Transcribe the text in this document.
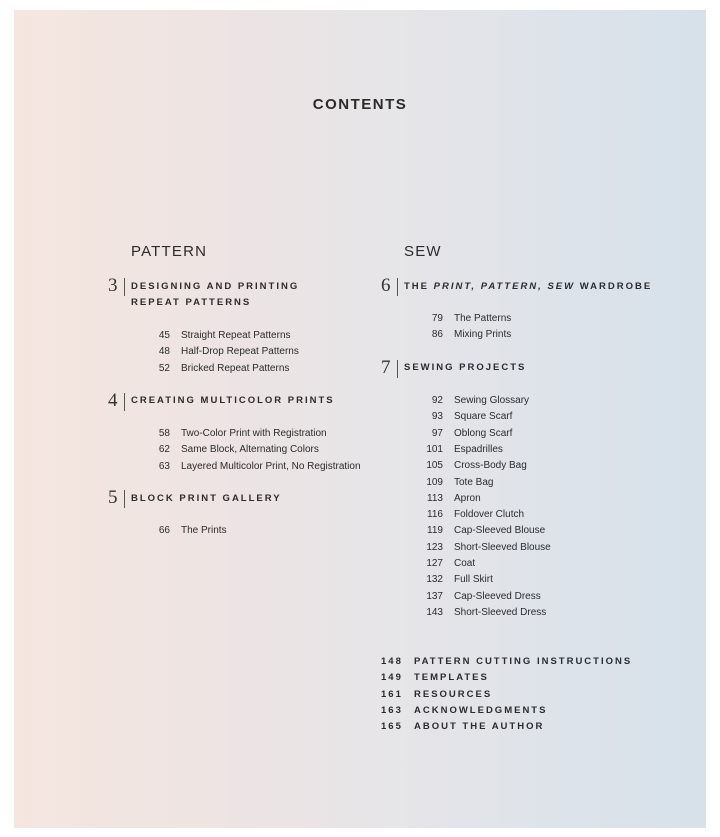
CONTENTS
PATTERN	SEW
3 DESIGNING AND PRINTING
REPEAT PATTERNS
45 Straight Repeat Patterns
48 Half-Drop Repeat Patterns
52 Bricked Repeat Patterns
4 CREATING MULTICOLOR PRINTS
58 Two-Color Print with Registration
62 Same Block, Alternating Colors
63 Layered Multicolor Print, No Registration
5 BLOCK PRINT GALLERY
66 The Prints
6 THE PRINT, PATTERN, SEW WARDROBE
79 The Patterns
86 Mixing Prints
7 SEWING PROJECTS
92 Sewing Glossary
93 Square Scarf
97 Oblong Scarf
101 Espadrilles
105 Cross-Body Bag
109 Tote Bag
113 Apron
116 Foldover Clutch
119 Cap-Sleeved Blouse
123 Short-Sleeved Blouse
127 Coat
132 Full Skirt
137 Cap-Sleeved Dress
143 Short-Sleeved Dress
148 PATTERN CUTTING INSTRUCTIONS
149 TEMPLATES
161 RESOURCES
163 ACKNOWLEDGMENTS
165 ABOUT THE AUTHOR
